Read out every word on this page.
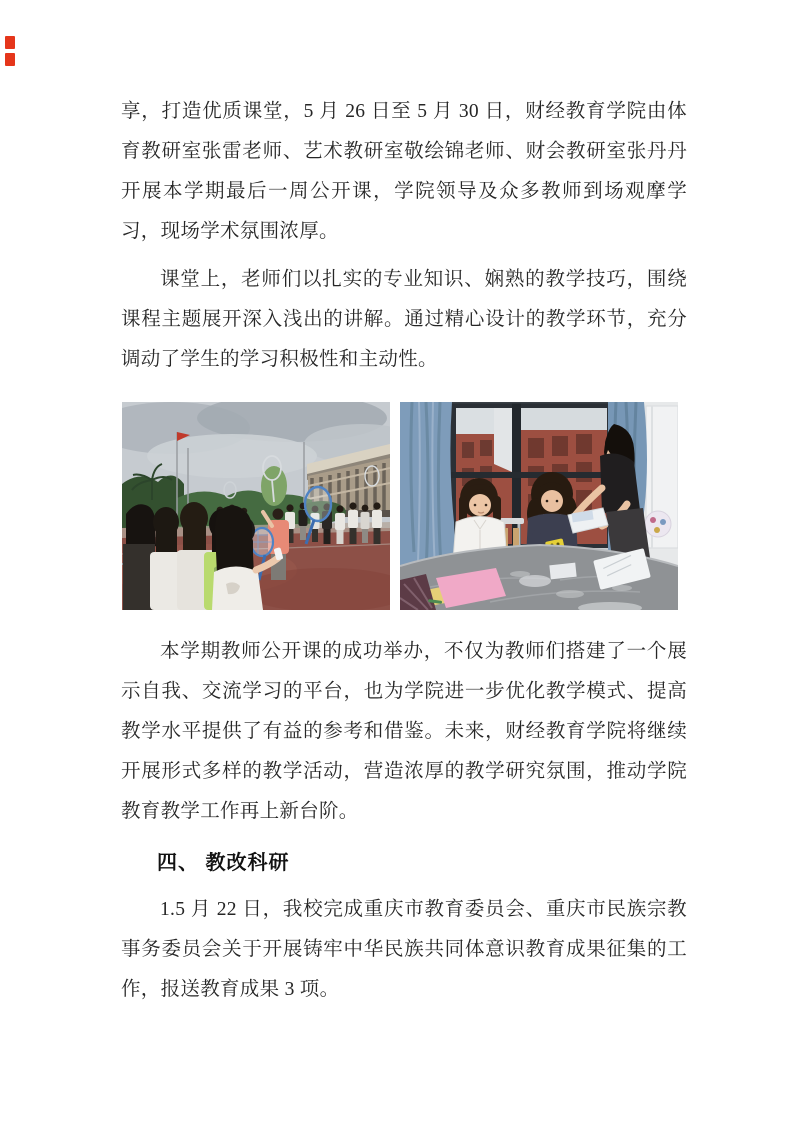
享，打造优质课堂，5 月 26 日至 5 月 30 日，财经教育学院由体育教研室张雷老师、艺术教研室敬绘锦老师、财会教研室张丹丹开展本学期最后一周公开课，学院领导及众多教师到场观摩学习，现场学术氛围浓厚。

课堂上，老师们以扎实的专业知识、娴熟的教学技巧，围绕课程主题展开深入浅出的讲解。通过精心设计的教学环节，充分调动了学生的学习积极性和主动性。

本学期教师公开课的成功举办，不仅为教师们搭建了一个展示自我、交流学习的平台，也为学院进一步优化教学模式、提高教学水平提供了有益的参考和借鉴。未来，财经教育学院将继续开展形式多样的教学活动，营造浓厚的教学研究氛围，推动学院教育教学工作再上新台阶。

四、 教改科研

1.5 月 22 日，我校完成重庆市教育委员会、重庆市民族宗教事务委员会关于开展铸牢中华民族共同体意识教育成果征集的工作，报送教育成果 3 项。
